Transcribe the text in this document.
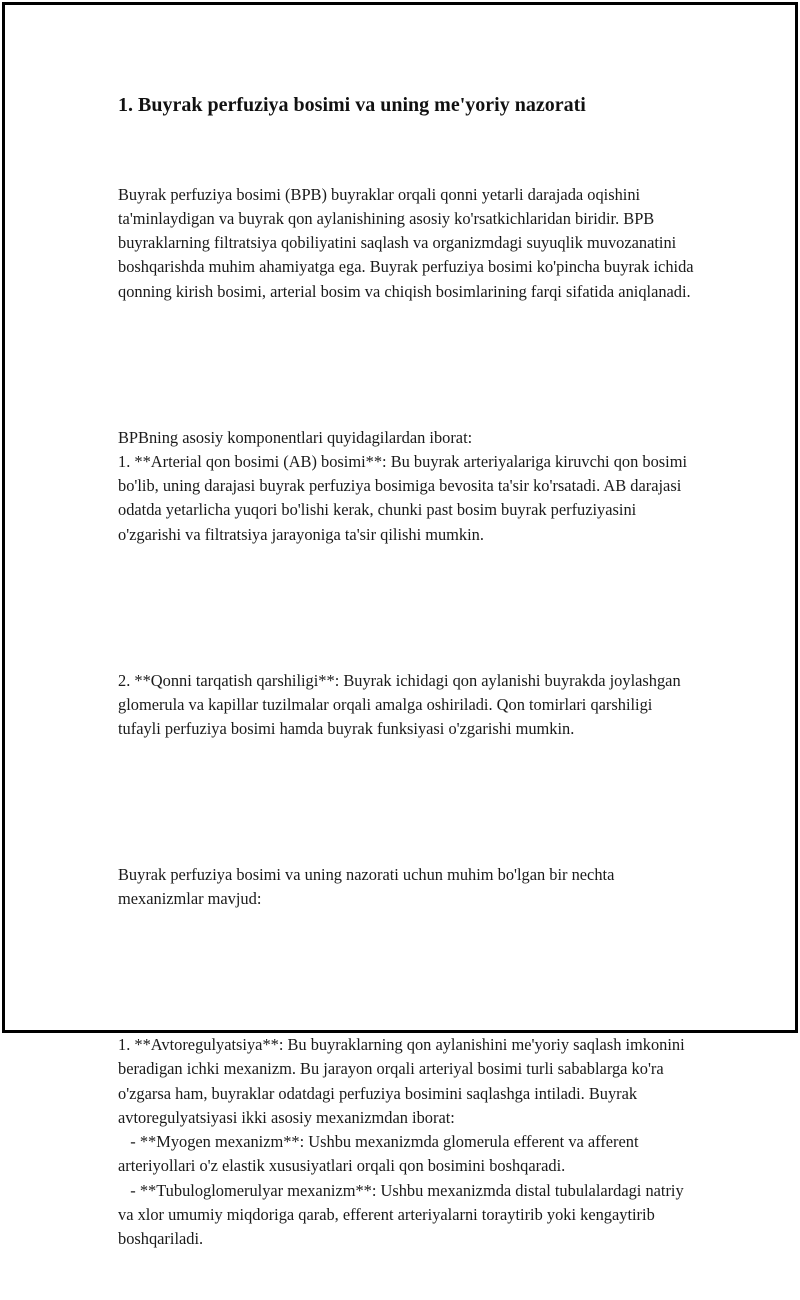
1. Buyrak perfuziya bosimi va uning me'yoriy nazorati

Buyrak perfuziya bosimi (BPB) buyraklar orqali qonni yetarli darajada oqishini ta'minlaydigan va buyrak qon aylanishining asosiy ko'rsatkichlaridan biridir. BPB buyraklarning filtratsiya qobiliyatini saqlash va organizmdagi suyuqlik muvozanatini boshqarishda muhim ahamiyatga ega. Buyrak perfuziya bosimi ko'pincha buyrak ichida qonning kirish bosimi, arterial bosim va chiqish bosimlarining farqi sifatida aniqlanadi.

BPBning asosiy komponentlari quyidagilardan iborat:
1. **Arterial qon bosimi (AB) bosimi**: Bu buyrak arteriyalariga kiruvchi qon bosimi bo'lib, uning darajasi buyrak perfuziya bosimiga bevosita ta'sir ko'rsatadi. AB darajasi odatda yetarlicha yuqori bo'lishi kerak, chunki past bosim buyrak perfuziyasini o'zgarishi va filtratsiya jarayoniga ta'sir qilishi mumkin.

2. **Qonni tarqatish qarshiligi**: Buyrak ichidagi qon aylanishi buyrakda joylashgan glomerula va kapillar tuzilmalar orqali amalga oshiriladi. Qon tomirlari qarshiligi tufayli perfuziya bosimi hamda buyrak funksiyasi o'zgarishi mumkin.

Buyrak perfuziya bosimi va uning nazorati uchun muhim bo'lgan bir nechta mexanizmlar mavjud:

1. **Avtoregulyatsiya**: Bu buyraklarning qon aylanishini me'yoriy saqlash imkonini beradigan ichki mexanizm. Bu jarayon orqali arteriyal bosimi turli sabablarga ko'ra o'zgarsa ham, buyraklar odatdagi perfuziya bosimini saqlashga intiladi. Buyrak avtoregulyatsiyasi ikki asosiy mexanizmdan iborat:
- **Myogen mexanizm**: Ushbu mexanizmda glomerula efferent va afferent arteriyollari o'z elastik xususiyatlari orqali qon bosimini boshqaradi.
- **Tubuloglomerulyar mexanizm**: Ushbu mexanizmda distal tubulalardagi natriy va xlor umumiy miqdoriga qarab, efferent arteriyalarni toraytirib yoki kengaytirib boshqariladi.
